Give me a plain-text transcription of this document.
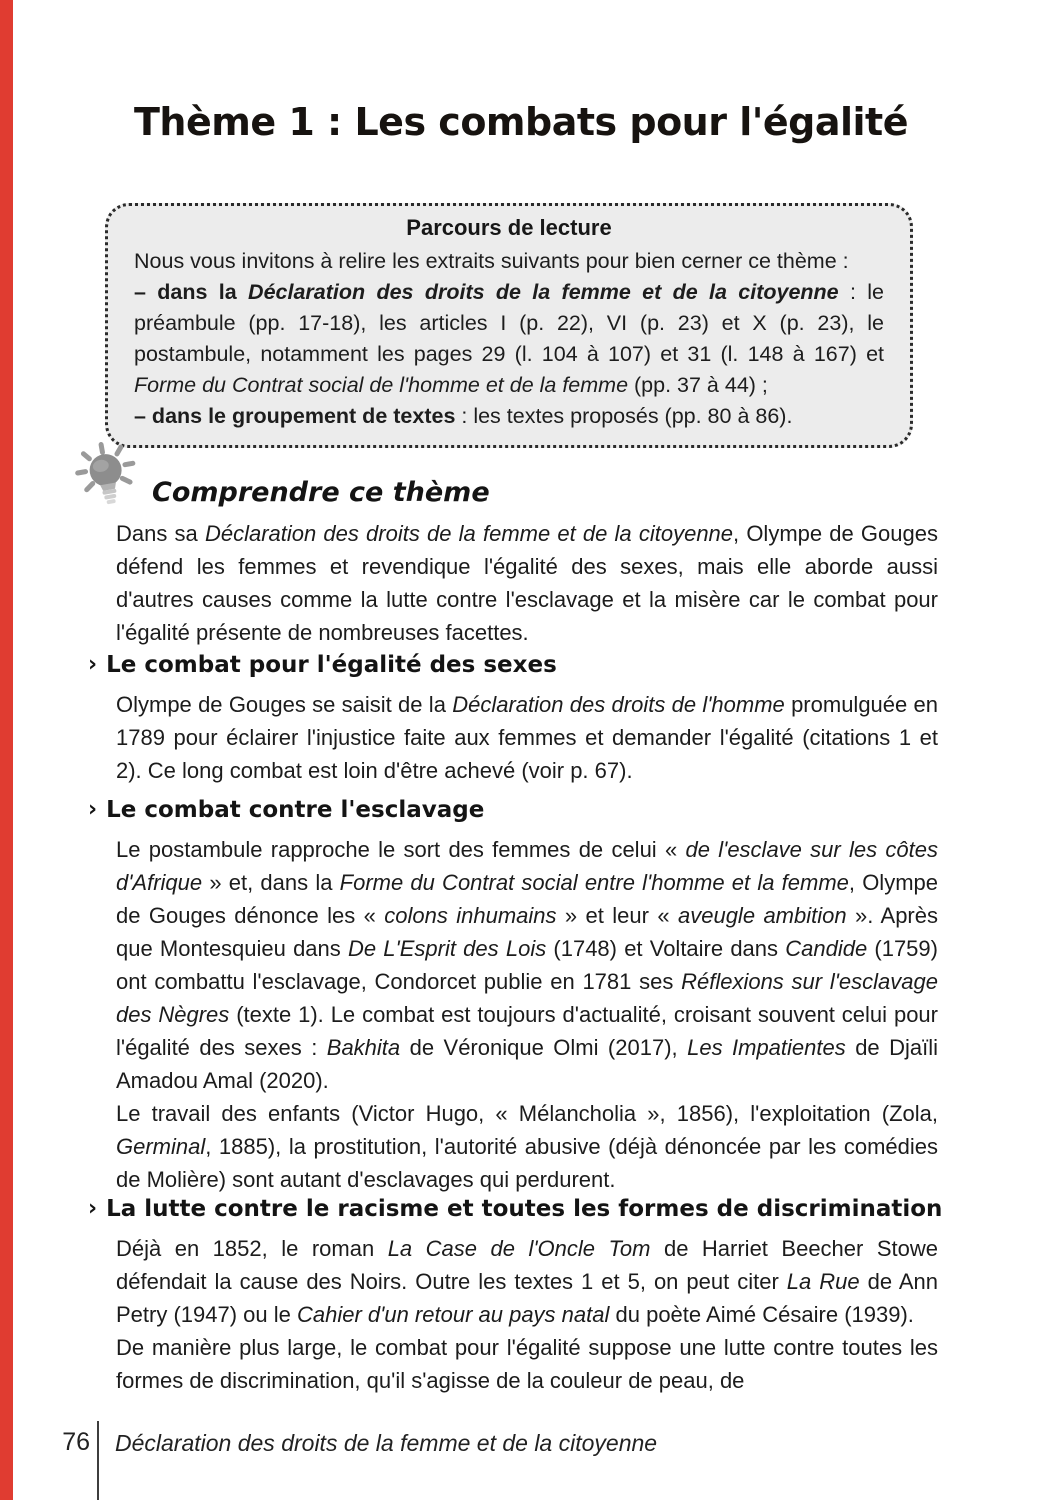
Thème 1 : Les combats pour l'égalité
Parcours de lecture

Nous vous invitons à relire les extraits suivants pour bien cerner ce thème :

– dans la Déclaration des droits de la femme et de la citoyenne : le préambule (pp. 17-18), les articles I (p. 22), VI (p. 23) et X (p. 23), le postambule, notamment les pages 29 (l. 104 à 107) et 31 (l. 148 à 167) et Forme du Contrat social de l'homme et de la femme (pp. 37 à 44) ;

– dans le groupement de textes : les textes proposés (pp. 80 à 86).

Comprendre ce thème

Dans sa Déclaration des droits de la femme et de la citoyenne, Olympe de Gouges défend les femmes et revendique l'égalité des sexes, mais elle aborde aussi d'autres causes comme la lutte contre l'esclavage et la misère car le combat pour l'égalité présente de nombreuses facettes.

› Le combat pour l'égalité des sexes

Olympe de Gouges se saisit de la Déclaration des droits de l'homme promulguée en 1789 pour éclairer l'injustice faite aux femmes et demander l'égalité (citations 1 et 2). Ce long combat est loin d'être achevé (voir p. 67).

› Le combat contre l'esclavage

Le postambule rapproche le sort des femmes de celui « de l'esclave sur les côtes d'Afrique » et, dans la Forme du Contrat social entre l'homme et la femme, Olympe de Gouges dénonce les « colons inhumains » et leur « aveugle ambition ». Après que Montesquieu dans De L'Esprit des Lois (1748) et Voltaire dans Candide (1759) ont combattu l'esclavage, Condorcet publie en 1781 ses Réflexions sur l'esclavage des Nègres (texte 1). Le combat est toujours d'actualité, croisant souvent celui pour l'égalité des sexes : Bakhita de Véronique Olmi (2017), Les Impatientes de Djaïli Amadou Amal (2020).

Le travail des enfants (Victor Hugo, « Mélancholia », 1856), l'exploitation (Zola, Germinal, 1885), la prostitution, l'autorité abusive (déjà dénoncée par les comédies de Molière) sont autant d'esclavages qui perdurent.

› La lutte contre le racisme et toutes les formes de discrimination

Déjà en 1852, le roman La Case de l'Oncle Tom de Harriet Beecher Stowe défendait la cause des Noirs. Outre les textes 1 et 5, on peut citer La Rue de Ann Petry (1947) ou le Cahier d'un retour au pays natal du poète Aimé Césaire (1939).

De manière plus large, le combat pour l'égalité suppose une lutte contre toutes les formes de discrimination, qu'il s'agisse de la couleur de peau, de

76 Déclaration des droits de la femme et de la citoyenne
